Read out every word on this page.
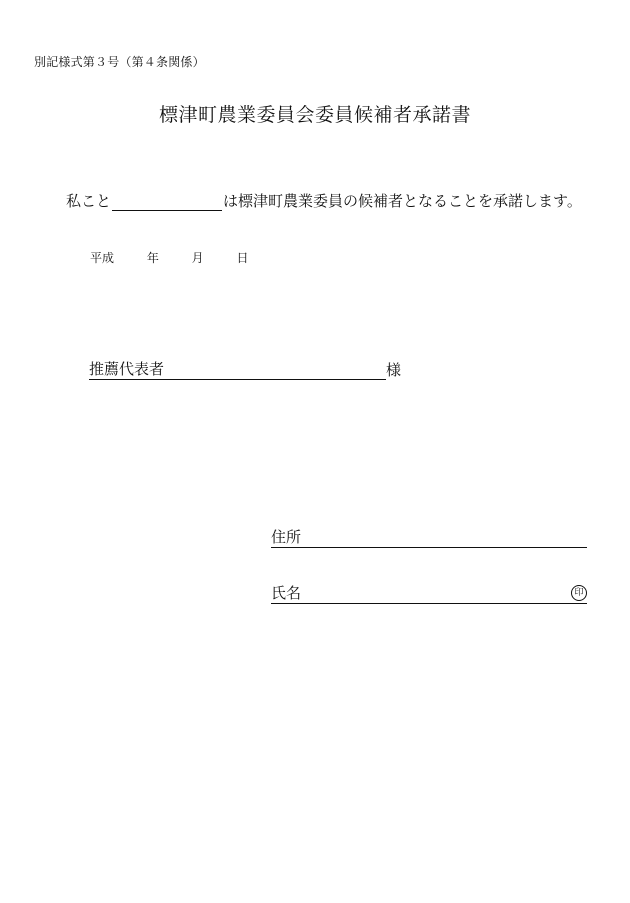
別記様式第３号（第４条関係）
標津町農業委員会委員候補者承諾書
私こと	は標津町農業委員の候補者となることを承諾します。
平成	年	月	日
推薦代表者	様
住所
氏名	印
